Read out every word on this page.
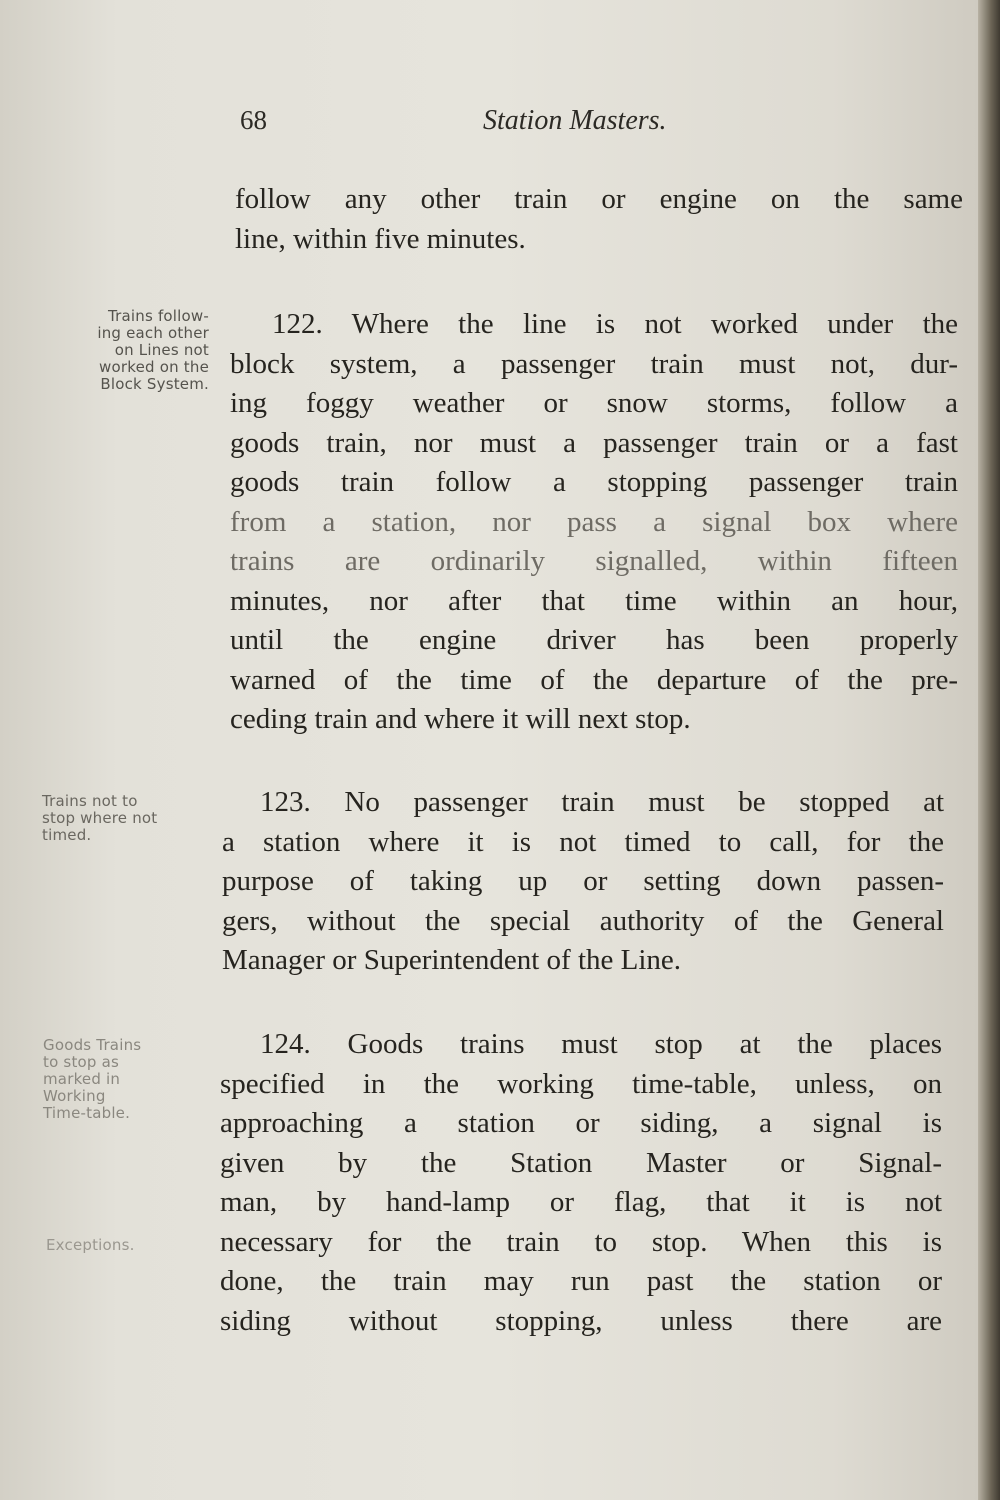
68	Station Masters.
follow any other train or engine on the same
line, within five minutes.
Trains follow-
ing each other
on Lines not
worked on the
Block System.
122. Where the line is not worked under the
block system, a passenger train must not, dur-
ing foggy weather or snow storms, follow a
goods train, nor must a passenger train or a fast
goods train follow a stopping passenger train
from a station, nor pass a signal box where
trains are ordinarily signalled, within fifteen
minutes, nor after that time within an hour,
until the engine driver has been properly
warned of the time of the departure of the pre-
ceding train and where it will next stop.
Trains not to
stop where not
timed.
123. No passenger train must be stopped at
a station where it is not timed to call, for the
purpose of taking up or setting down passen-
gers, without the special authority of the General
Manager or Superintendent of the Line.
Goods Trains
to stop as
marked in
Working
Time-table.
Exceptions.
124. Goods trains must stop at the places
specified in the working time-table, unless, on
approaching a station or siding, a signal is
given by the Station Master or Signal-
man, by hand-lamp or flag, that it is not
necessary for the train to stop. When this is
done, the train may run past the station or
siding without stopping, unless there are
